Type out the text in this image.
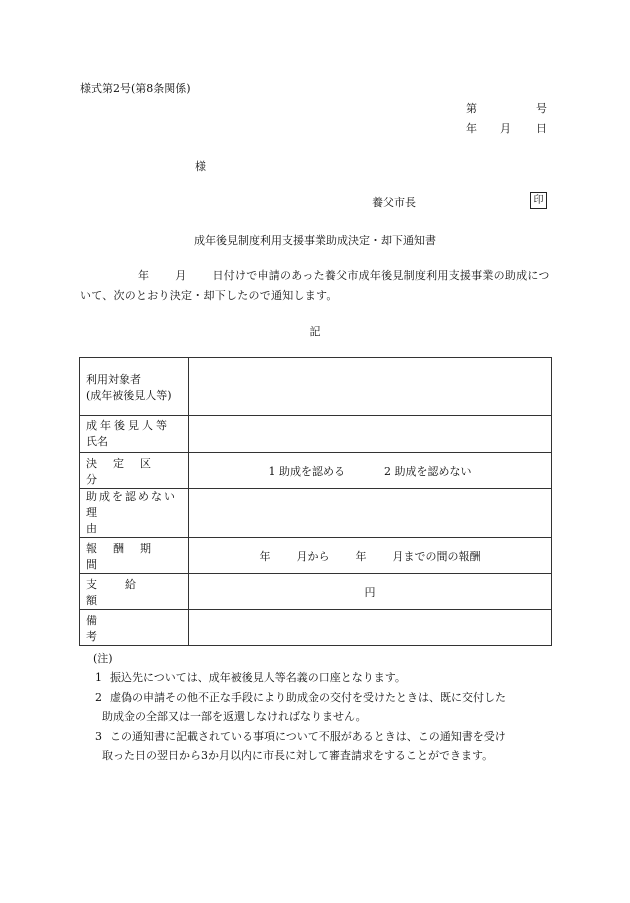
様式第2号(第8条関係)
第	号
年 月 日
様
養父市長	印
成年後見制度利用支援事業助成決定・却下通知書
年 月 日付けで申請のあった養父市成年後見制度利用支援事業の助成について、次のとおり決定・却下したので通知します。
記
利用対象者
(成年被後見人等)	

成年後見人等
氏名	

決定区分	1 助成を認める 2 助成を認めない

助成を認めない
理由	

報酬期間	年 月から 年 月までの間の報酬

支給額	円

備考	

(注)
1 振込先については、成年被後見人等名義の口座となります。
2 虚偽の申請その他不正な手段により助成金の交付を受けたときは、既に交付した
助成金の全部又は一部を返還しなければなりません。
3 この通知書に記載されている事項について不服があるときは、この通知書を受け
取った日の翌日から3か月以内に市長に対して審査請求をすることができます。
